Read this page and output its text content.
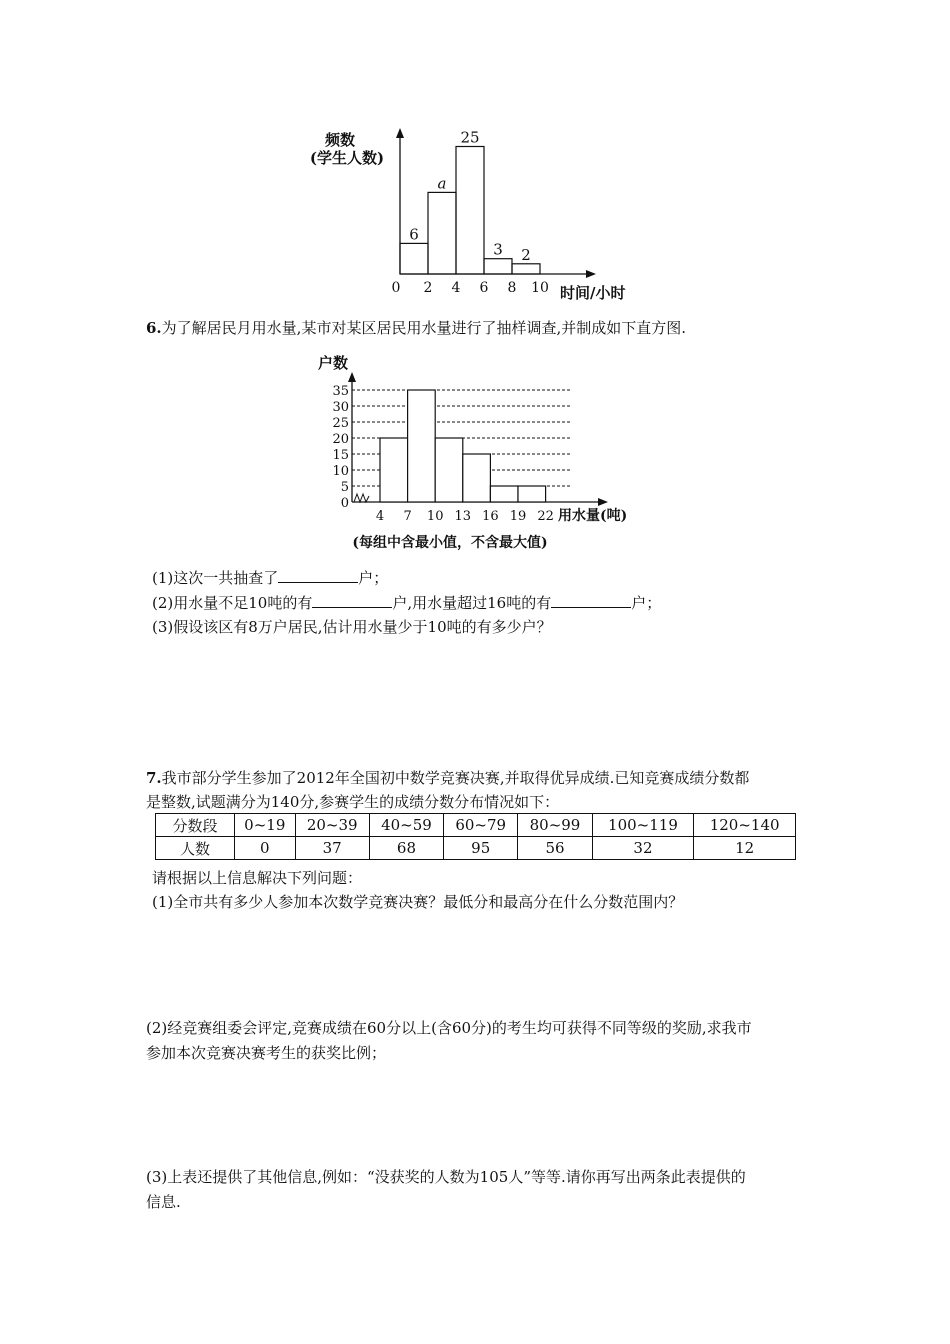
频数
(学生人数)
6
a
25
3 2
0 2 4 6 8 10 时间/小时
6.为了解居民月用水量,某市对某区居民用水量进行了抽样调查,并制成如下直方图.
户数
0
5
10
15
20
25
30
35
4 7 10 13 16 19 22 用水量(吨)
(每组中含最小值，不含最大值)
(1)这次一共抽查了	户；
(2)用水量不足10吨的有	户,用水量超过16吨的有	户；
(3)假设该区有8万户居民,估计用水量少于10吨的有多少户？
7.我市部分学生参加了2012年全国初中数学竞赛决赛,并取得优异成绩.已知竞赛成绩分数都
是整数,试题满分为140分,参赛学生的成绩分数分布情况如下：
分数段	0~19	20~39	40~59	60~79	80~99	100~119	120~140
人数	0	37	68	95	56	32	12
请根据以上信息解决下列问题：
(1)全市共有多少人参加本次数学竞赛决赛？最低分和最高分在什么分数范围内？
(2)经竞赛组委会评定,竞赛成绩在60分以上(含60分)的考生均可获得不同等级的奖励,求我市
参加本次竞赛决赛考生的获奖比例；
(3)上表还提供了其他信息,例如：“没获奖的人数为105人”等等.请你再写出两条此表提供的
信息.
